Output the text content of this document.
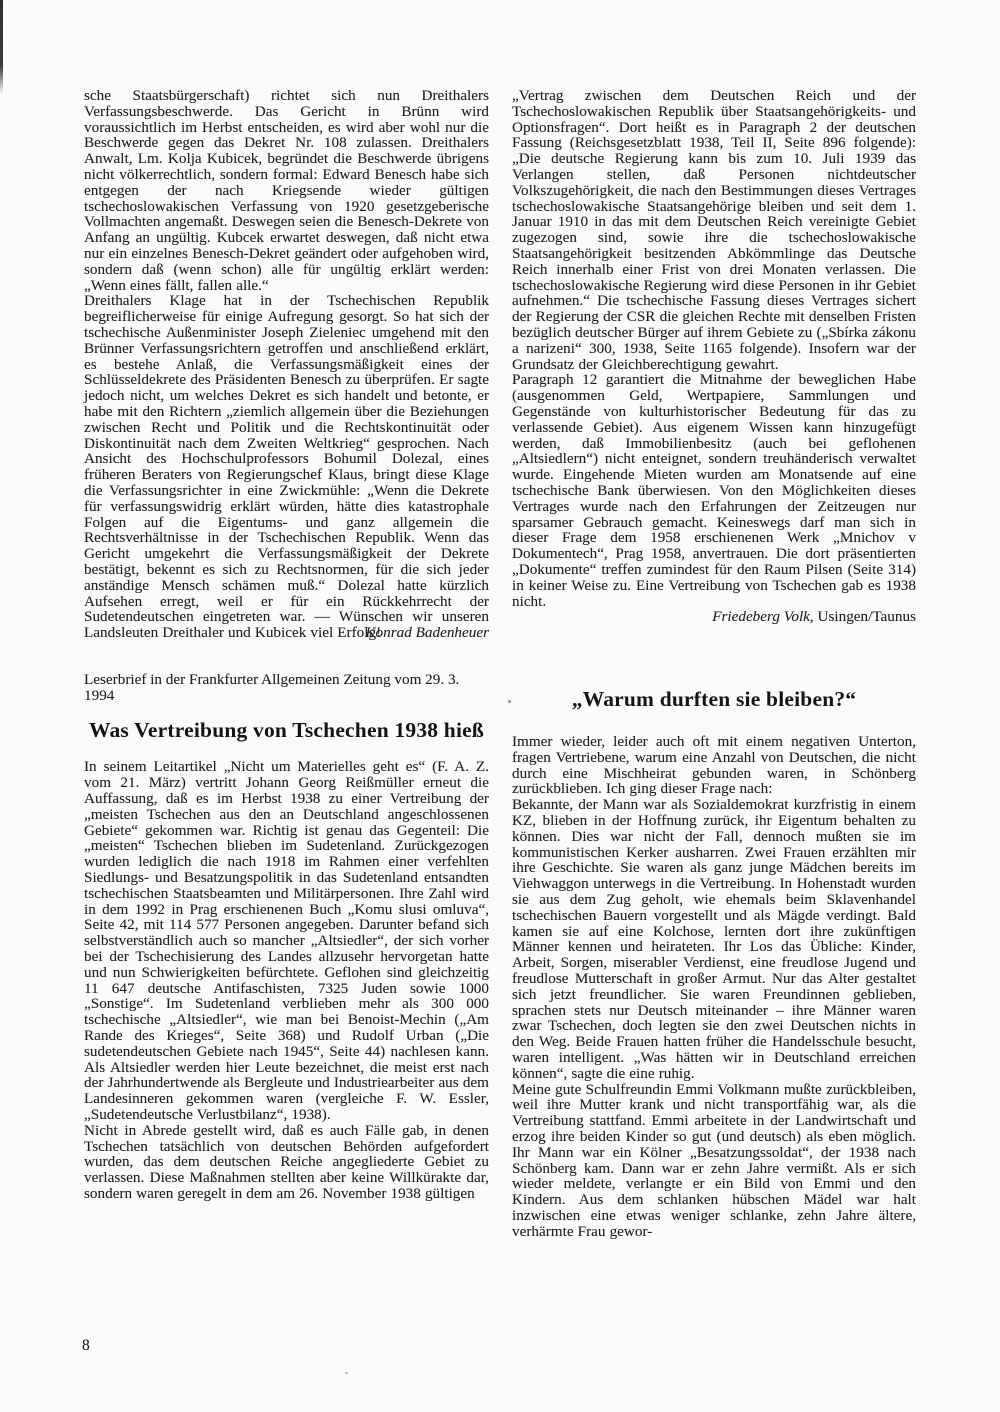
sche Staatsbürgerschaft) richtet sich nun Dreithalers Verfassungsbeschwerde. Das Gericht in Brünn wird voraussichtlich im Herbst entscheiden, es wird aber wohl nur die Beschwerde gegen das Dekret Nr. 108 zulassen. Dreithalers Anwalt, Lm. Kolja Kubicek, begründet die Beschwerde übrigens nicht völkerrechtlich, sondern formal: Edward Benesch habe sich entgegen der nach Kriegsende wieder gültigen tschechoslowakischen Verfassung von 1920 gesetzgeberische Vollmachten angemaßt. Deswegen seien die Benesch-Dekrete von Anfang an ungültig. Kubcek erwartet deswegen, daß nicht etwa nur ein einzelnes Benesch-Dekret geändert oder aufgehoben wird, sondern daß (wenn schon) alle für ungültig erklärt werden: „Wenn eines fällt, fallen alle.“

Dreithalers Klage hat in der Tschechischen Republik begreiflicherweise für einige Aufregung gesorgt. So hat sich der tschechische Außenminister Joseph Zieleniec umgehend mit den Brünner Verfassungsrichtern getroffen und anschließend erklärt, es bestehe Anlaß, die Verfassungsmäßigkeit eines der Schlüsseldekrete des Präsidenten Benesch zu überprüfen. Er sagte jedoch nicht, um welches Dekret es sich handelt und betonte, er habe mit den Richtern „ziemlich allgemein über die Beziehungen zwischen Recht und Politik und die Rechtskontinuität oder Diskontinuität nach dem Zweiten Weltkrieg“ gesprochen. Nach Ansicht des Hochschulprofessors Bohumil Dolezal, eines früheren Beraters von Regierungschef Klaus, bringt diese Klage die Verfassungsrichter in eine Zwickmühle: „Wenn die Dekrete für verfassungswidrig erklärt würden, hätte dies katastrophale Folgen auf die Eigentums- und ganz allgemein die Rechtsverhältnisse in der Tschechischen Republik. Wenn das Gericht umgekehrt die Verfassungsmäßigkeit der Dekrete bestätigt, bekennt es sich zu Rechtsnormen, für die sich jeder anständige Mensch schämen muß.“ Dolezal hatte kürzlich Aufsehen erregt, weil er für ein Rückkehrrecht der Sudetendeutschen eingetreten war. — Wünschen wir unseren Landsleuten Dreithaler und Kubicek viel Erfolg!

Konrad Badenheuer

Leserbrief in der Frankfurter Allgemeinen Zeitung vom 29. 3. 1994

Was Vertreibung von Tschechen 1938 hieß

In seinem Leitartikel „Nicht um Materielles geht es“ (F. A. Z. vom 21. März) vertritt Johann Georg Reißmüller erneut die Auffassung, daß es im Herbst 1938 zu einer Vertreibung der „meisten Tschechen aus den an Deutschland angeschlossenen Gebiete“ gekommen war. Richtig ist genau das Gegenteil: Die „meisten“ Tschechen blieben im Sudetenland. Zurückgezogen wurden lediglich die nach 1918 im Rahmen einer verfehlten Siedlungs- und Besatzungspolitik in das Sudetenland entsandten tschechischen Staatsbeamten und Militärpersonen. Ihre Zahl wird in dem 1992 in Prag erschienenen Buch „Komu slusi omluva“, Seite 42, mit 114 577 Personen angegeben. Darunter befand sich selbstverständlich auch so mancher „Altsiedler“, der sich vorher bei der Tschechisierung des Landes allzusehr hervorgetan hatte und nun Schwierigkeiten befürchtete. Geflohen sind gleichzeitig 11 647 deutsche Antifaschisten, 7325 Juden sowie 1000 „Sonstige“. Im Sudetenland verblieben mehr als 300 000 tschechische „Altsiedler“, wie man bei Benoist-Mechin („Am Rande des Krieges“, Seite 368) und Rudolf Urban („Die sudetendeutschen Gebiete nach 1945“, Seite 44) nachlesen kann. Als Altsiedler werden hier Leute bezeichnet, die meist erst nach der Jahrhundertwende als Bergleute und Industriearbeiter aus dem Landesinneren gekommen waren (vergleiche F. W. Essler, „Sudetendeutsche Verlustbilanz“, 1938).

Nicht in Abrede gestellt wird, daß es auch Fälle gab, in denen Tschechen tatsächlich von deutschen Behörden aufgefordert wurden, das dem deutschen Reiche angegliederte Gebiet zu verlassen. Diese Maßnahmen stellten aber keine Willkürakte dar, sondern waren geregelt in dem am 26. November 1938 gültigen

„Vertrag zwischen dem Deutschen Reich und der Tschechoslowakischen Republik über Staatsangehörigkeits- und Optionsfragen“. Dort heißt es in Paragraph 2 der deutschen Fassung (Reichsgesetzblatt 1938, Teil II, Seite 896 folgende): „Die deutsche Regierung kann bis zum 10. Juli 1939 das Verlangen stellen, daß Personen nichtdeutscher Volkszugehörigkeit, die nach den Bestimmungen dieses Vertrages tschechoslowakische Staatsangehörige bleiben und seit dem 1. Januar 1910 in das mit dem Deutschen Reich vereinigte Gebiet zugezogen sind, sowie ihre die tschechoslowakische Staatsangehörigkeit besitzenden Abkömmlinge das Deutsche Reich innerhalb einer Frist von drei Monaten verlassen. Die tschechoslowakische Regierung wird diese Personen in ihr Gebiet aufnehmen.“ Die tschechische Fassung dieses Vertrages sichert der Regierung der CSR die gleichen Rechte mit denselben Fristen bezüglich deutscher Bürger auf ihrem Gebiete zu („Sbírka zákonu a narizeni“ 300, 1938, Seite 1165 folgende). Insofern war der Grundsatz der Gleichberechtigung gewahrt.

Paragraph 12 garantiert die Mitnahme der beweglichen Habe (ausgenommen Geld, Wertpapiere, Sammlungen und Gegenstände von kulturhistorischer Bedeutung für das zu verlassende Gebiet). Aus eigenem Wissen kann hinzugefügt werden, daß Immobilienbesitz (auch bei geflohenen „Altsiedlern“) nicht enteignet, sondern treuhänderisch verwaltet wurde. Eingehende Mieten wurden am Monatsende auf eine tschechische Bank überwiesen. Von den Möglichkeiten dieses Vertrages wurde nach den Erfahrungen der Zeitzeugen nur sparsamer Gebrauch gemacht. Keineswegs darf man sich in dieser Frage dem 1958 erschienenen Werk „Mnichov v Dokumentech“, Prag 1958, anvertrauen. Die dort präsentierten „Dokumente“ treffen zumindest für den Raum Pilsen (Seite 314) in keiner Weise zu. Eine Vertreibung von Tschechen gab es 1938 nicht.

Friedeberg Volk, Usingen/Taunus
„Warum durften sie bleiben?“

Immer wieder, leider auch oft mit einem negativen Unterton, fragen Vertriebene, warum eine Anzahl von Deutschen, die nicht durch eine Mischheirat gebunden waren, in Schönberg zurückblieben. Ich ging dieser Frage nach:

Bekannte, der Mann war als Sozialdemokrat kurzfristig in einem KZ, blieben in der Hoffnung zurück, ihr Eigentum behalten zu können. Dies war nicht der Fall, dennoch mußten sie im kommunistischen Kerker ausharren. Zwei Frauen erzählten mir ihre Geschichte. Sie waren als ganz junge Mädchen bereits im Viehwaggon unterwegs in die Vertreibung. In Hohenstadt wurden sie aus dem Zug geholt, wie ehemals beim Sklavenhandel tschechischen Bauern vorgestellt und als Mägde verdingt. Bald kamen sie auf eine Kolchose, lernten dort ihre zukünftigen Männer kennen und heirateten. Ihr Los das Übliche: Kinder, Arbeit, Sorgen, miserabler Verdienst, eine freudlose Jugend und freudlose Mutterschaft in großer Armut. Nur das Alter gestaltet sich jetzt freundlicher. Sie waren Freundinnen geblieben, sprachen stets nur Deutsch miteinander – ihre Männer waren zwar Tschechen, doch legten sie den zwei Deutschen nichts in den Weg. Beide Frauen hatten früher die Handelsschule besucht, waren intelligent. „Was hätten wir in Deutschland erreichen können“, sagte die eine ruhig.

Meine gute Schulfreundin Emmi Volkmann mußte zurückbleiben, weil ihre Mutter krank und nicht transportfähig war, als die Vertreibung stattfand. Emmi arbeitete in der Landwirtschaft und erzog ihre beiden Kinder so gut (und deutsch) als eben möglich. Ihr Mann war ein Kölner „Besatzungssoldat“, der 1938 nach Schönberg kam. Dann war er zehn Jahre vermißt. Als er sich wieder meldete, verlangte er ein Bild von Emmi und den Kindern. Aus dem schlanken hübschen Mädel war halt inzwischen eine etwas weniger schlanke, zehn Jahre ältere, verhärmte Frau gewor-

8
